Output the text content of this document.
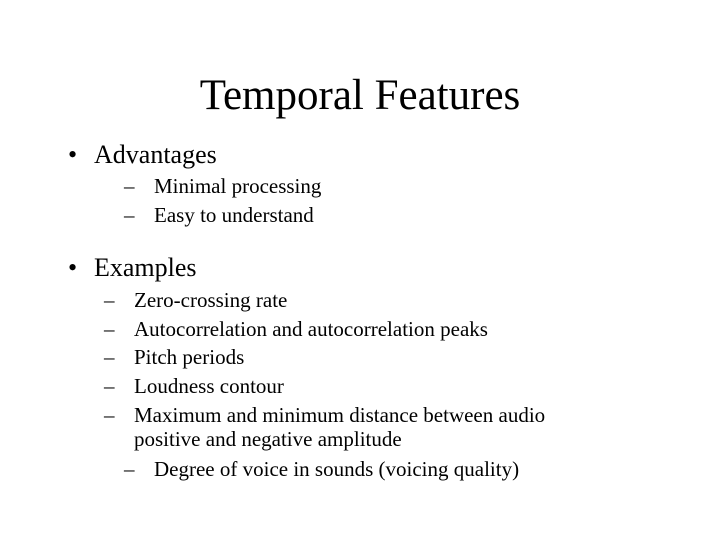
Temporal Features
• Advantages
– Minimal processing
– Easy to understand
• Examples
– Zero-crossing rate
– Autocorrelation and autocorrelation peaks
– Pitch periods
– Loudness contour
– Maximum and minimum distance between audio
positive and negative amplitude
– Degree of voice in sounds (voicing quality)
